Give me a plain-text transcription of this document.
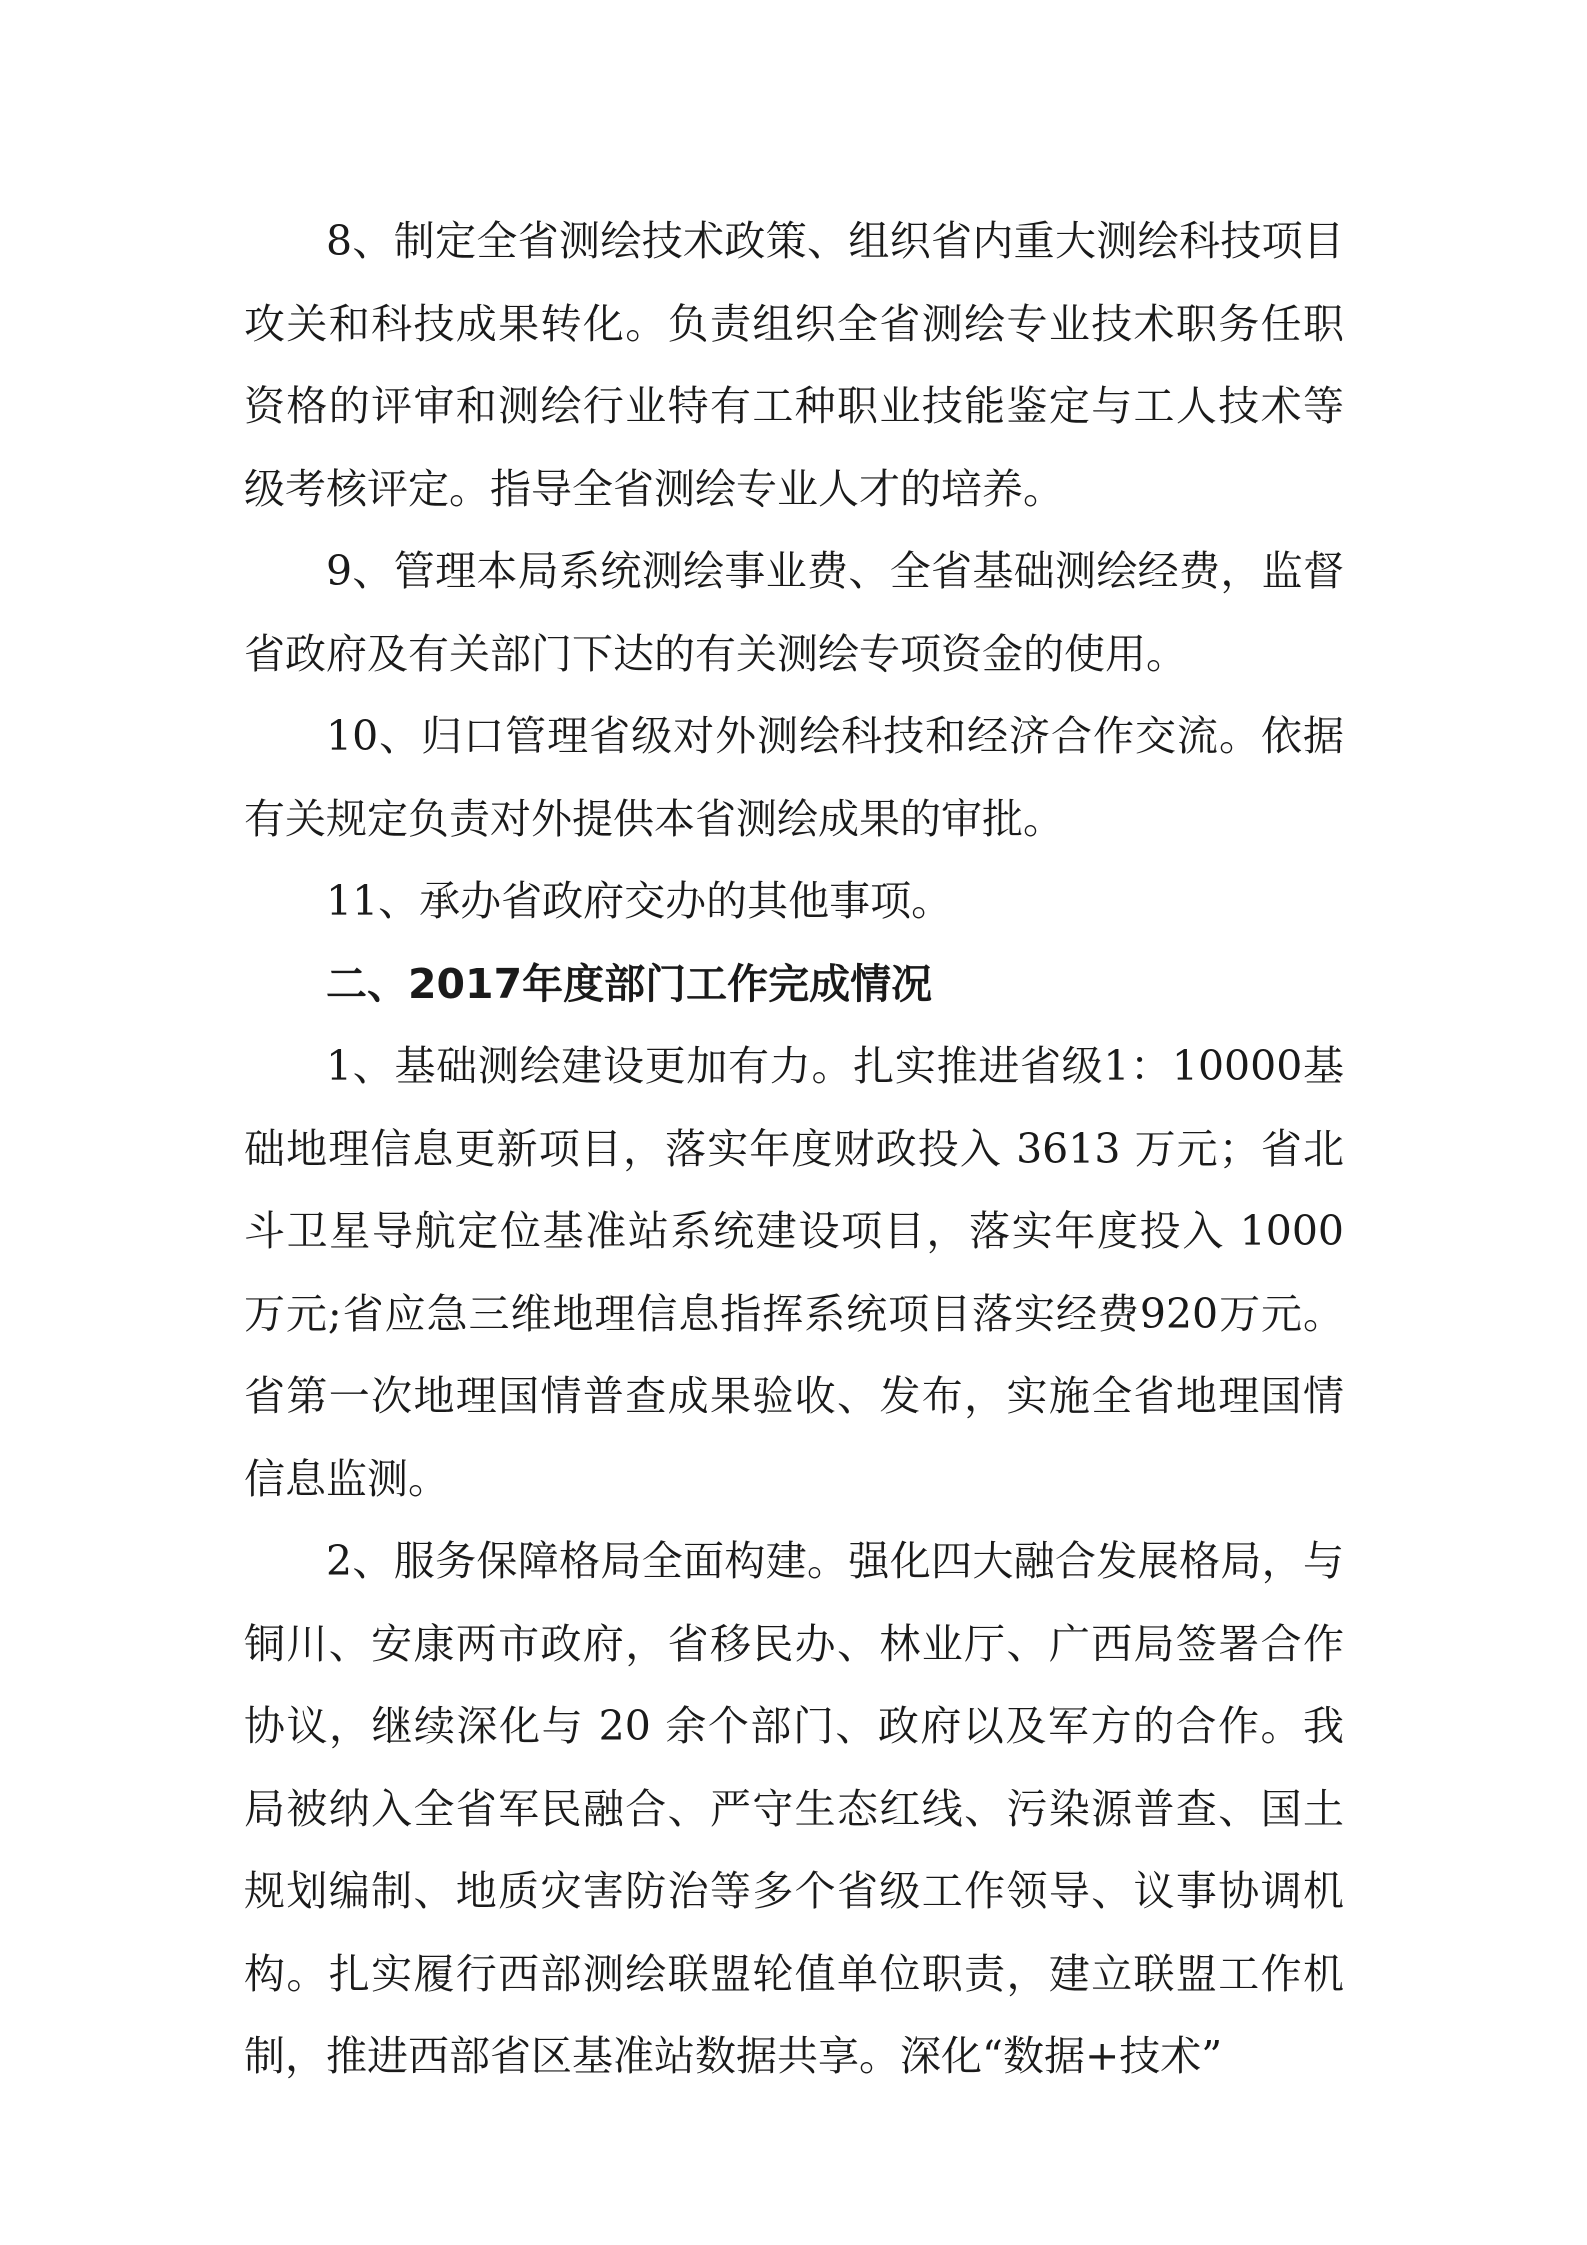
8、制定全省测绘技术政策、组织省内重大测绘科技项目攻关和科技成果转化。负责组织全省测绘专业技术职务任职资格的评审和测绘行业特有工种职业技能鉴定与工人技术等级考核评定。指导全省测绘专业人才的培养。

9、管理本局系统测绘事业费、全省基础测绘经费，监督省政府及有关部门下达的有关测绘专项资金的使用。

10、归口管理省级对外测绘科技和经济合作交流。依据有关规定负责对外提供本省测绘成果的审批。

11、承办省政府交办的其他事项。

二、2017年度部门工作完成情况

1、基础测绘建设更加有力。扎实推进省级1：10000基础地理信息更新项目，落实年度财政投入 3613 万元；省北斗卫星导航定位基准站系统建设项目，落实年度投入 1000万元;省应急三维地理信息指挥系统项目落实经费920万元。省第一次地理国情普查成果验收、发布，实施全省地理国情信息监测。

2、服务保障格局全面构建。强化四大融合发展格局，与铜川、安康两市政府，省移民办、林业厅、广西局签署合作协议，继续深化与 20 余个部门、政府以及军方的合作。我局被纳入全省军民融合、严守生态红线、污染源普查、国土规划编制、地质灾害防治等多个省级工作领导、议事协调机构。扎实履行西部测绘联盟轮值单位职责，建立联盟工作机制，推进西部省区基准站数据共享。深化“数据+技术”
